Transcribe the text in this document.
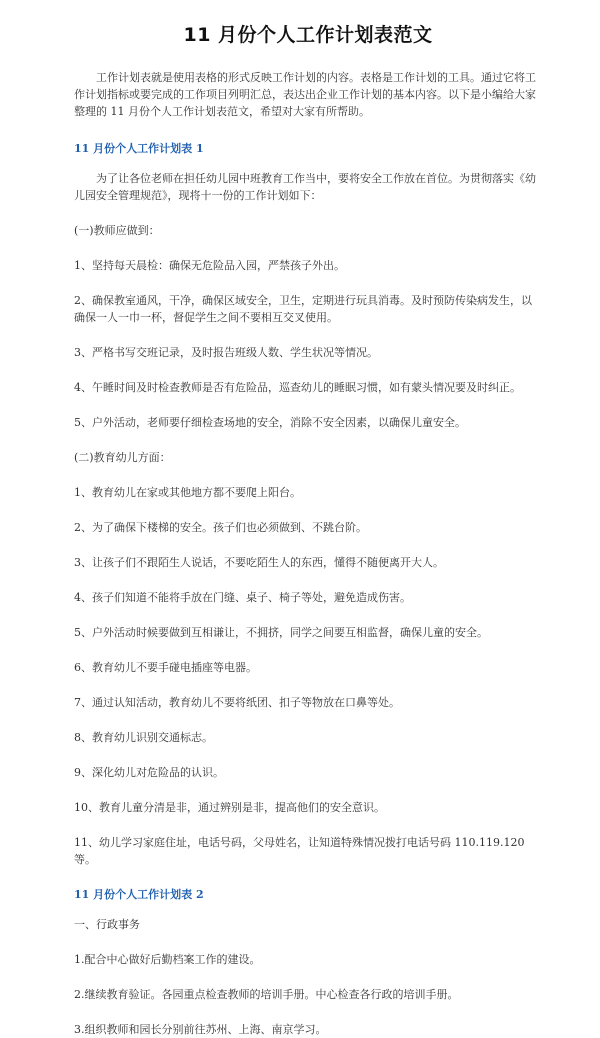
11 月份个人工作计划表范文

工作计划表就是使用表格的形式反映工作计划的内容。表格是工作计划的工具。通过它将工作计划指标或要完成的工作项目列明汇总，表达出企业工作计划的基本内容。以下是小编给大家整理的 11 月份个人工作计划表范文，希望对大家有所帮助。

11 月份个人工作计划表 1

为了让各位老师在担任幼儿园中班教育工作当中，要将安全工作放在首位。为贯彻落实《幼儿园安全管理规范》，现将十一份的工作计划如下：

(一)教师应做到：

1、坚持每天晨检：确保无危险品入园，严禁孩子外出。

2、确保教室通风，干净，确保区域安全，卫生，定期进行玩具消毒。及时预防传染病发生，以确保一人一巾一杯，督促学生之间不要相互交叉使用。

3、严格书写交班记录，及时报告班级人数、学生状况等情况。

4、午睡时间及时检查教师是否有危险品，巡查幼儿的睡眠习惯，如有蒙头情况要及时纠正。

5、户外活动，老师要仔细检查场地的安全，消除不安全因素，以确保儿童安全。

(二)教育幼儿方面：

1、教育幼儿在家或其他地方都不要爬上阳台。

2、为了确保下楼梯的安全。孩子们也必须做到、不跳台阶。

3、让孩子们不跟陌生人说话，不要吃陌生人的东西，懂得不随便离开大人。

4、孩子们知道不能将手放在门缝、桌子、椅子等处，避免造成伤害。

5、户外活动时候要做到互相谦让，不拥挤，同学之间要互相监督，确保儿童的安全。

6、教育幼儿不要手碰电插座等电器。

7、通过认知活动，教育幼儿不要将纸团、扣子等物放在口鼻等处。

8、教育幼儿识别交通标志。

9、深化幼儿对危险品的认识。

10、教育儿童分清是非，通过辨别是非，提高他们的安全意识。

11、幼儿学习家庭住址，电话号码，父母姓名，让知道特殊情况拨打电话号码 110.119.120 等。

11 月份个人工作计划表 2

一、行政事务

1.配合中心做好后勤档案工作的建设。

2.继续教育验证。各园重点检查教师的培训手册。中心检查各行政的培训手册。

3.组织教师和园长分别前往苏州、上海、南京学习。
